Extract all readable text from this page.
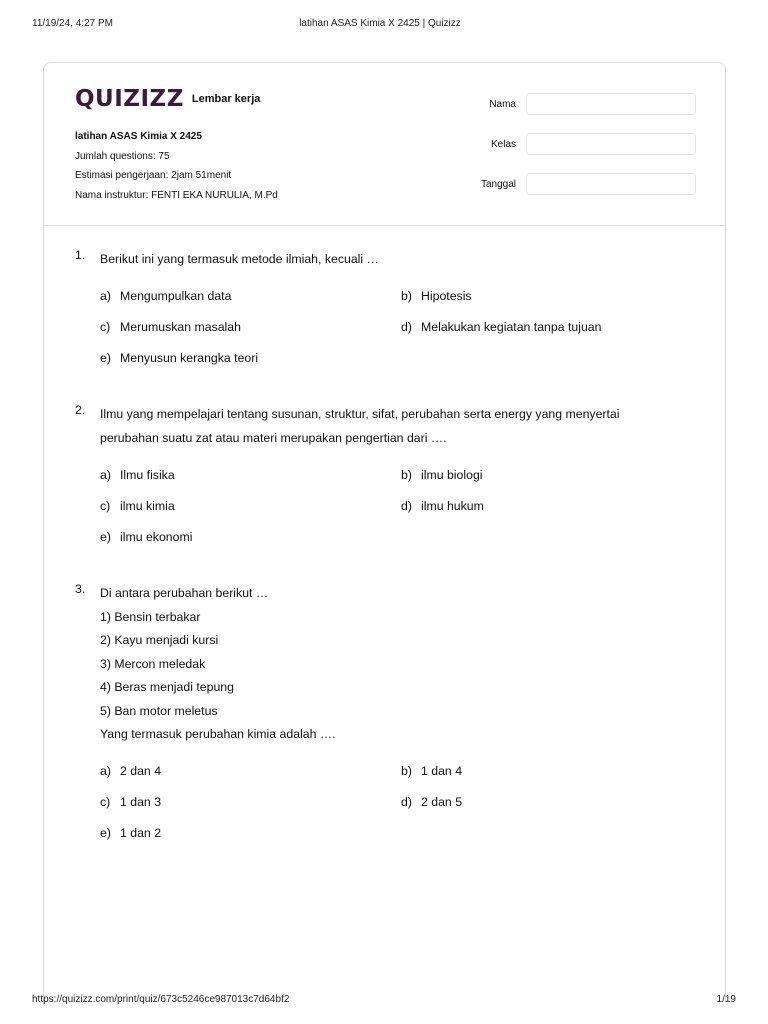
11/19/24, 4:27 PM	latihan ASAS Kimia X 2425 | Quizizz
QUIZIZZ Lembar kerja
latihan ASAS Kimia X 2425
Jumlah questions: 75
Estimasi pengerjaan: 2jam 51menit
Nama instruktur: FENTI EKA NURULIA, M.Pd
Nama
Kelas
Tanggal
1.	Berikut ini yang termasuk metode ilmiah, kecuali …
a) Mengumpulkan data	b) Hipotesis
c) Merumuskan masalah	d) Melakukan kegiatan tanpa tujuan
e) Menyusun kerangka teori
2.	Ilmu yang mempelajari tentang susunan, struktur, sifat, perubahan serta energy yang menyertai
perubahan suatu zat atau materi merupakan pengertian dari ….
a) Ilmu fisika	b) ilmu biologi
c) ilmu kimia	d) ilmu hukum
e) ilmu ekonomi
3.	Di antara perubahan berikut …
1) Bensin terbakar
2) Kayu menjadi kursi
3) Mercon meledak
4) Beras menjadi tepung
5) Ban motor meletus
Yang termasuk perubahan kimia adalah ….
a) 2 dan 4	b) 1 dan 4
c) 1 dan 3	d) 2 dan 5
e) 1 dan 2
https://quizizz.com/print/quiz/673c5246ce987013c7d64bf2	1/19
